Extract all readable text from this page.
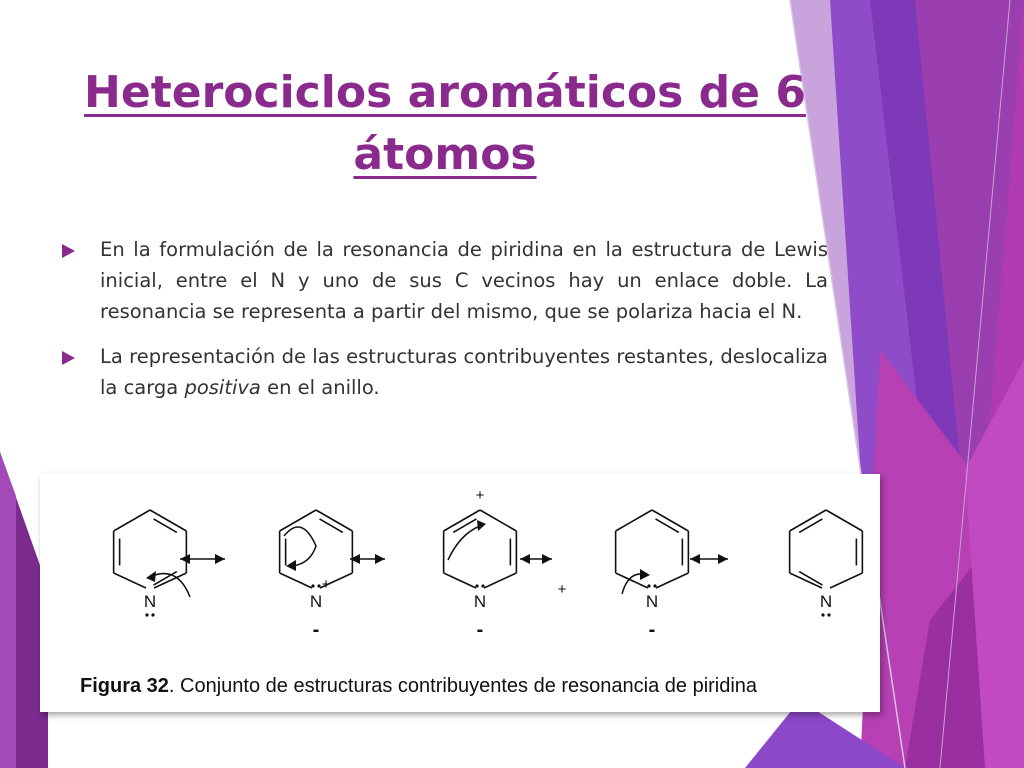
Heterociclos aromáticos de 6 átomos
En la formulación de la resonancia de piridina en la estructura de Lewis inicial, entre el N y uno de sus C vecinos hay un enlace doble. La resonancia se representa a partir del mismo, que se polariza hacia el N.
La representación de las estructuras contribuyentes restantes, deslocaliza la carga positiva en el anillo.
N	N
-
+
N
-
+
N
-
+
N
Figura 32. Conjunto de estructuras contribuyentes de resonancia de piridina
